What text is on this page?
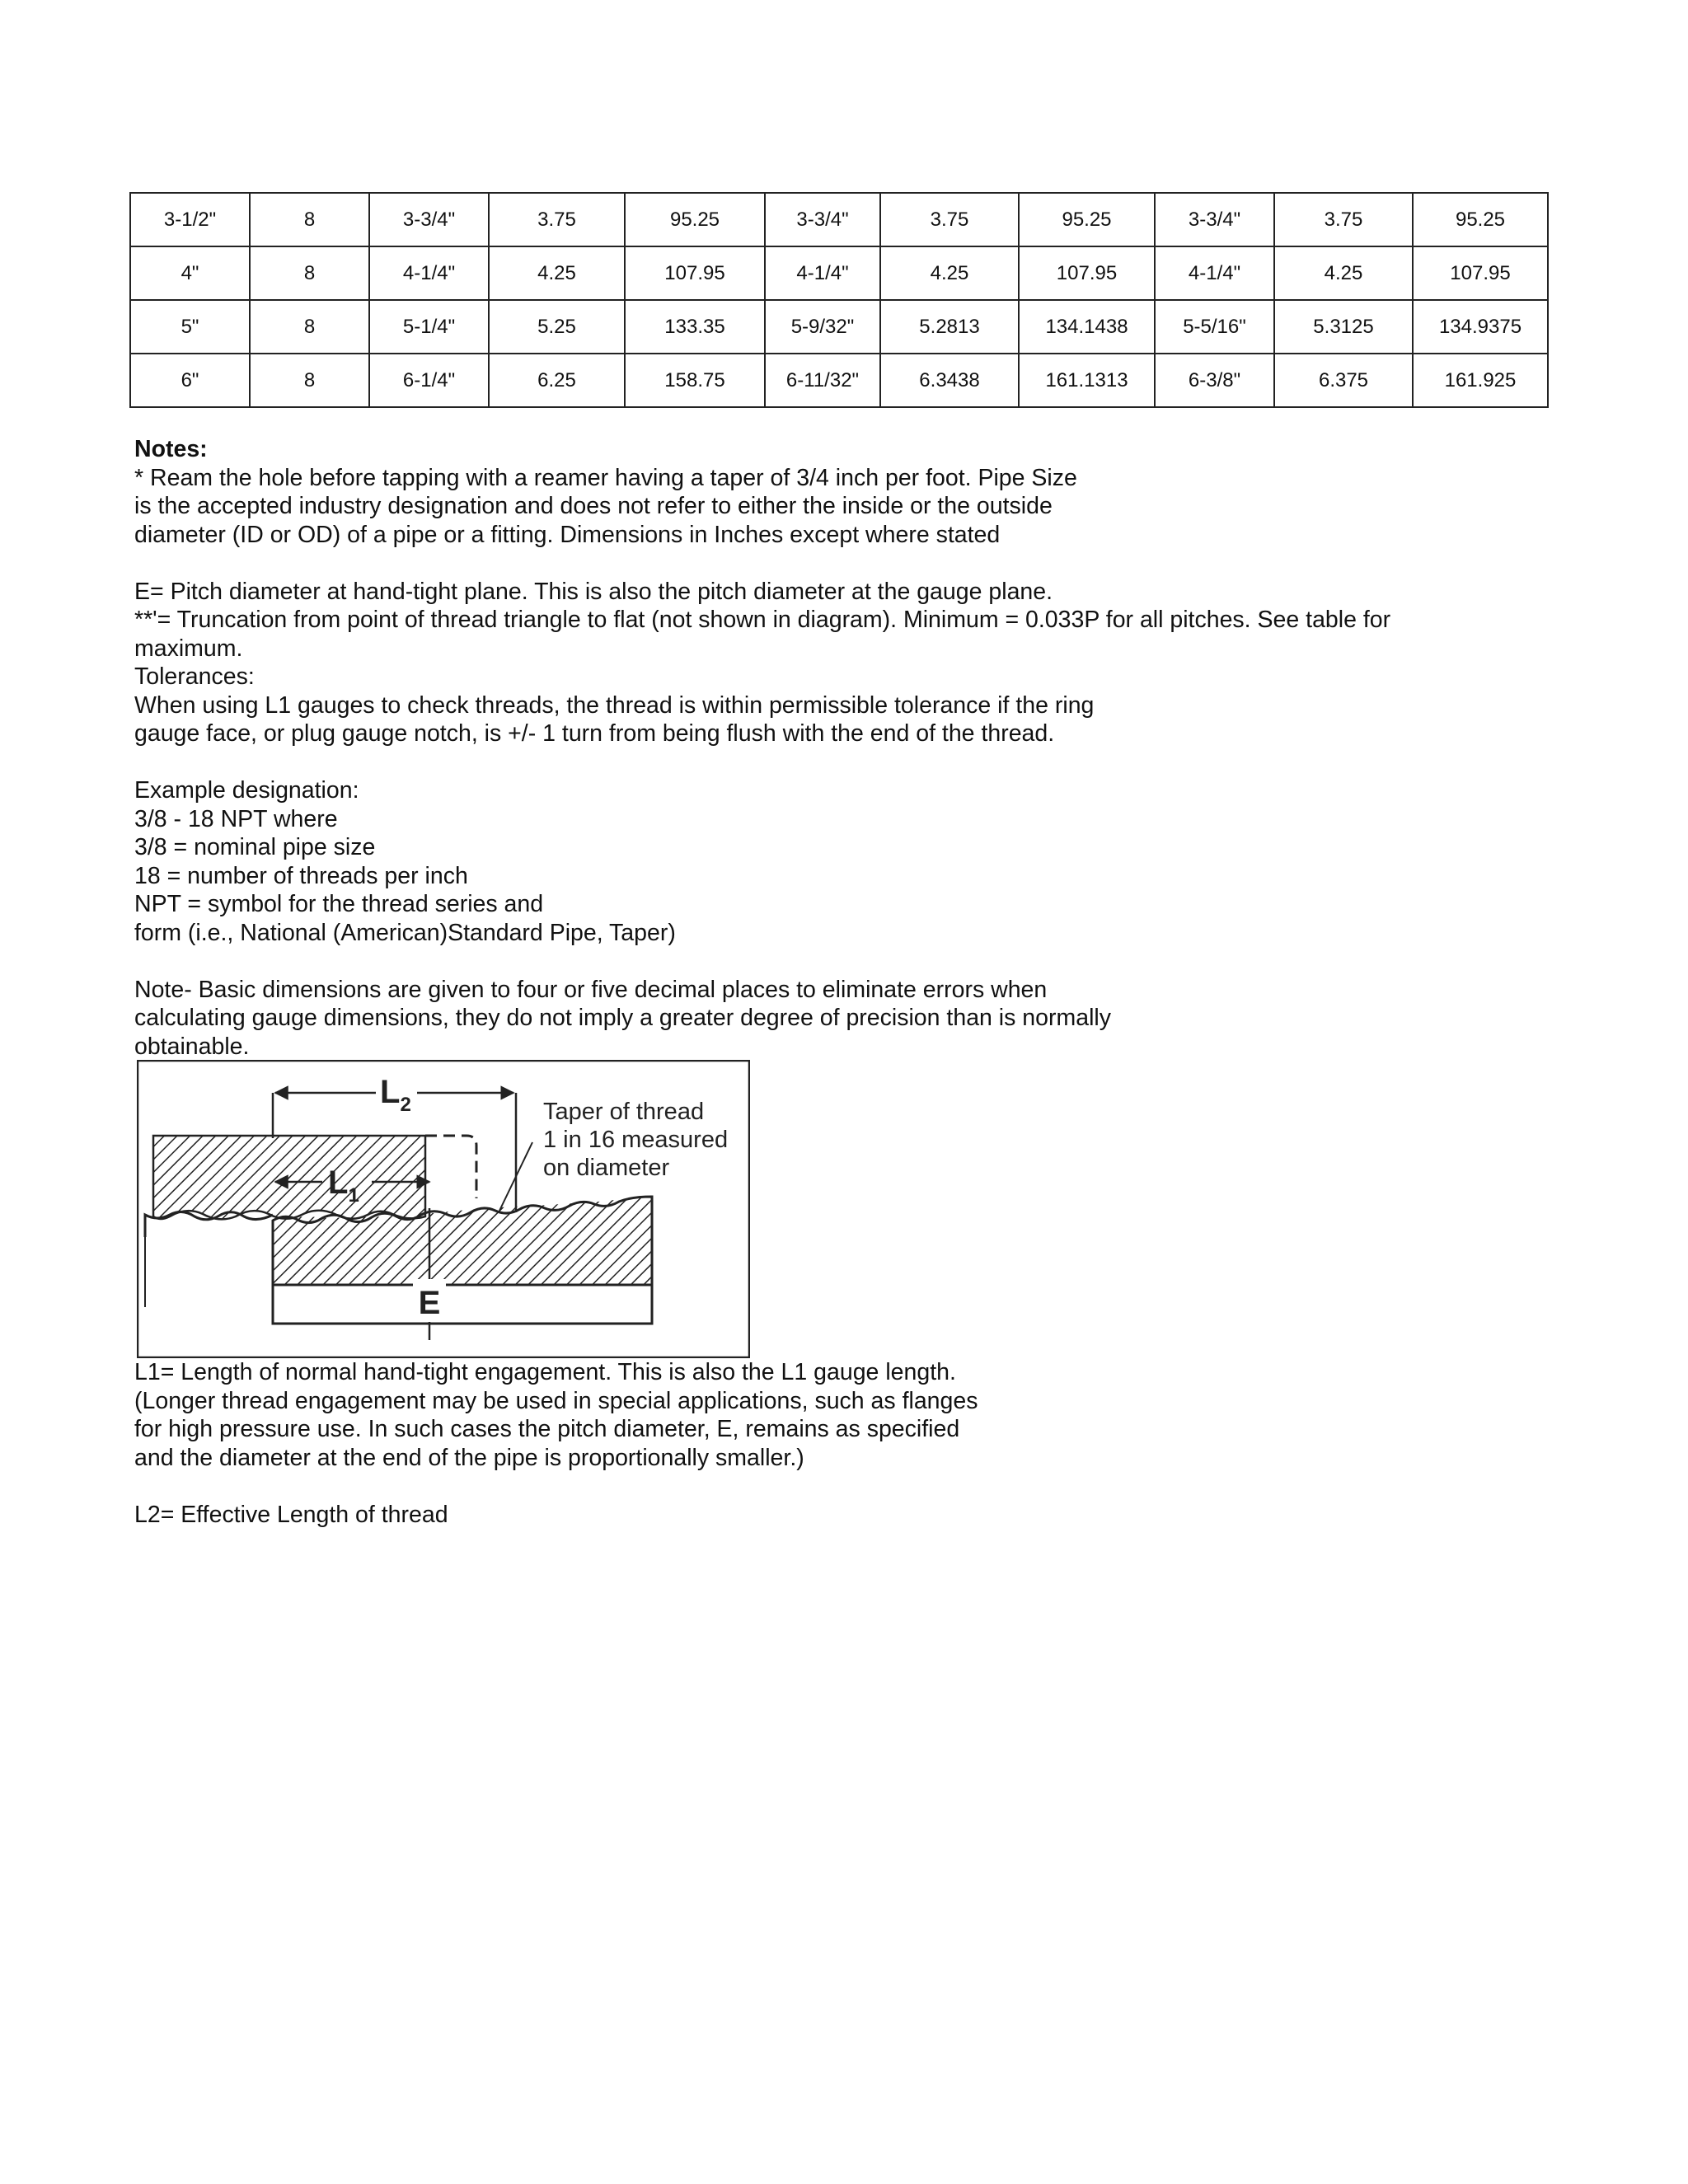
3-1/2"	8	3-3/4"	3.75	95.25	3-3/4"	3.75	95.25	3-3/4"	3.75	95.25
4"	8	4-1/4"	4.25	107.95	4-1/4"	4.25	107.95	4-1/4"	4.25	107.95
5"	8	5-1/4"	5.25	133.35	5-9/32"	5.2813	134.1438	5-5/16"	5.3125	134.9375
6"	8	6-1/4"	6.25	158.75	6-11/32"	6.3438	161.1313	6-3/8"	6.375	161.925

Notes:

* Ream the hole before tapping with a reamer having a taper of 3/4 inch per foot. Pipe Size

is the accepted industry designation and does not refer to either the inside or the outside

diameter (ID or OD) of a pipe or a fitting. Dimensions in Inches except where stated

E= Pitch diameter at hand-tight plane. This is also the pitch diameter at the gauge plane.

**'= Truncation from point of thread triangle to flat (not shown in diagram). Minimum = 0.033P for all pitches. See table for

maximum.

Tolerances:

When using L1 gauges to check threads, the thread is within permissible tolerance if the ring

gauge face, or plug gauge notch, is +/- 1 turn from being flush with the end of the thread.

Example designation:

3/8 - 18 NPT where

3/8 = nominal pipe size

18 = number of threads per inch

NPT = symbol for the thread series and

form (i.e., National (American)Standard Pipe, Taper)

Note- Basic dimensions are given to four or five decimal places to eliminate errors when

calculating gauge dimensions, they do not imply a greater degree of precision than is normally

obtainable.

$L_2$
$L_1$
E
Taper of thread
1 in 16 measured
on diameter

L1= Length of normal hand-tight engagement. This is also the L1 gauge length.

(Longer thread engagement may be used in special applications, such as flanges

for high pressure use. In such cases the pitch diameter, E, remains as specified

and the diameter at the end of the pipe is proportionally smaller.)

L2= Effective Length of thread
